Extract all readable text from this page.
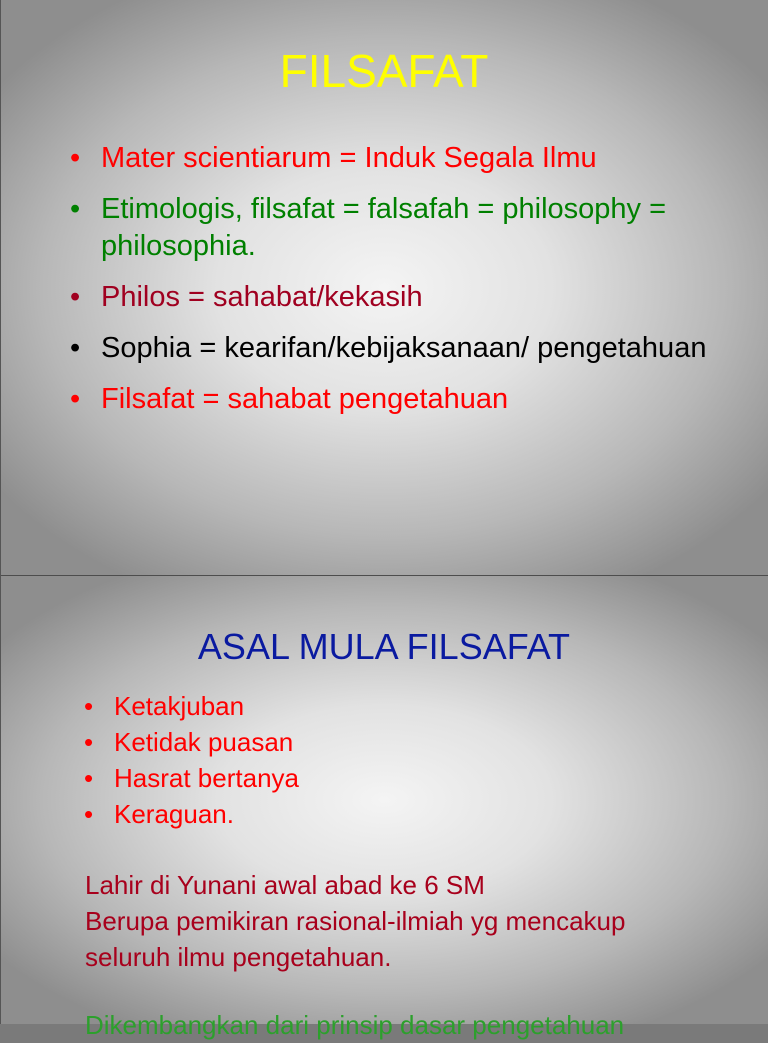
FILSAFAT
• Mater scientiarum = Induk Segala Ilmu
• Etimologis, filsafat = falsafah = philosophy = philosophia.
• Philos = sahabat/kekasih
• Sophia = kearifan/kebijaksanaan/ pengetahuan
• Filsafat = sahabat pengetahuan
ASAL MULA FILSAFAT
• Ketakjuban
• Ketidak puasan
• Hasrat bertanya
• Keraguan.
Lahir di Yunani awal abad ke 6 SM
Berupa pemikiran rasional-ilmiah yg mencakup
seluruh ilmu pengetahuan.
Dikembangkan dari prinsip dasar pengetahuan
